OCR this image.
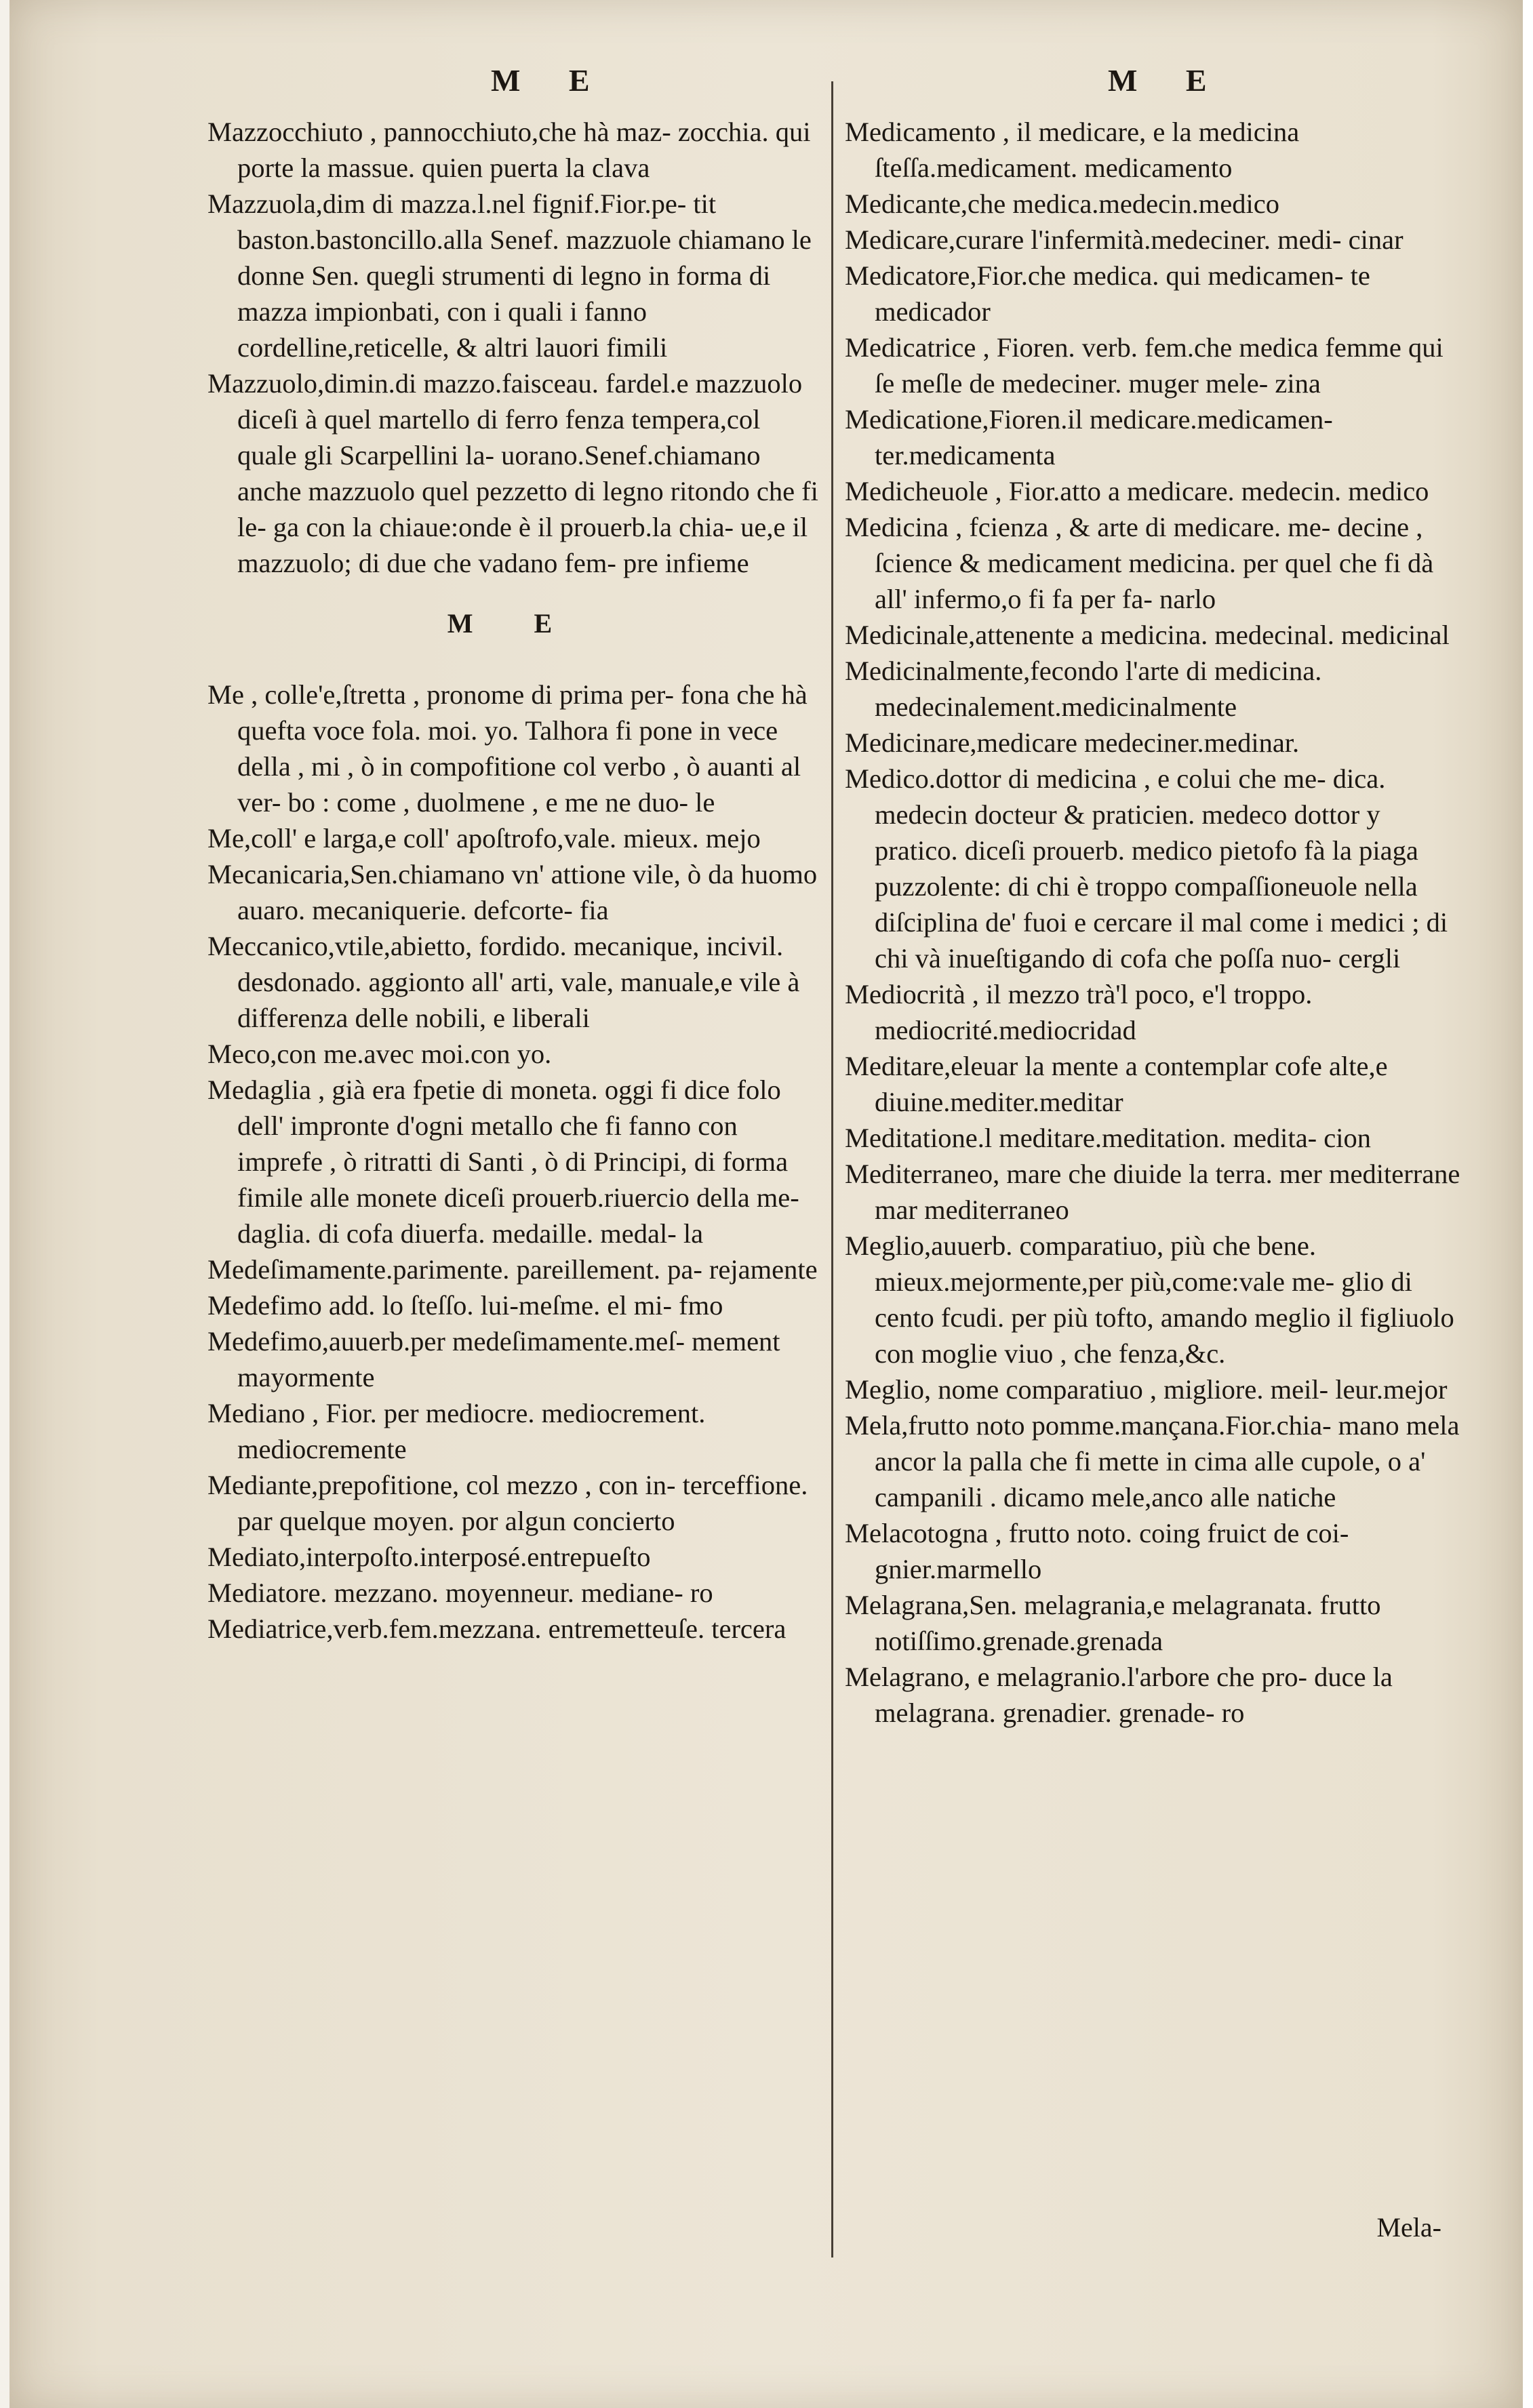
M E	M E

Mazzocchiuto , pannocchiuto,che hà maz- zocchia. qui porte la massue. quien puerta la clava

Mazzuola,dim di mazza.l.nel fignif.Fior.pe- tit baston.bastoncillo.alla Senef. mazzuole chiamano le donne Sen. quegli strumenti di legno in forma di mazza impionbati, con i quali i fanno cordelline,reticelle, & altri lauori fimili

Mazzuolo,dimin.di mazzo.faisceau. fardel.e mazzuolo diceſi à quel martello di ferro fenza tempera,col quale gli Scarpellini la- uorano.Senef.chiamano anche mazzuolo quel pezzetto di legno ritondo che fi le- ga con la chiaue:onde è il prouerb.la chia- ue,e il mazzuolo; di due che vadano fem- pre infieme

M E

Me , colle'e,ſtretta , pronome di prima per- fona che hà quefta voce fola. moi. yo. Talhora fi pone in vece della , mi , ò in compofitione col verbo , ò auanti al ver- bo : come , duolmene , e me ne duo- le

Me,coll' e larga,e coll' apoſtrofo,vale. mieux. mejo

Mecanicaria,Sen.chiamano vn' attione vile, ò da huomo auaro. mecaniquerie. defcorte- fia

Meccanico,vtile,abietto, fordido. mecanique, incivil. desdonado. aggionto all' arti, vale, manuale,e vile à differenza delle nobili, e liberali

Meco,con me.avec moi.con yo.

Medaglia , già era fpetie di moneta. oggi fi dice folo dell' impronte d'ogni metallo che fi fanno con imprefe , ò ritratti di Santi , ò di Principi, di forma fimile alle monete diceſi prouerb.riuercio della me- daglia. di cofa diuerfa. medaille. medal- la

Medeſimamente.parimente. pareillement. pa- rejamente

Medefimo add. lo ſteſſo. lui-meſme. el mi- fmo

Medefimo,auuerb.per medeſimamente.meſ- mement mayormente

Mediano , Fior. per mediocre. mediocrement. mediocremente

Mediante,prepofitione, col mezzo , con in- terceffione. par quelque moyen. por algun concierto

Mediato,interpoſto.interposé.entrepueſto

Mediatore. mezzano. moyenneur. mediane- ro

Mediatrice,verb.fem.mezzana. entremetteuſe. tercera

Medicamento , il medicare, e la medicina ſteſſa.medicament. medicamento

Medicante,che medica.medecin.medico

Medicare,curare l'infermità.medeciner. medi- cinar

Medicatore,Fior.che medica. qui medicamen- te medicador

Medicatrice , Fioren. verb. fem.che medica femme qui ſe meſle de medeciner. muger mele- zina

Medicatione,Fioren.il medicare.medicamen- ter.medicamenta

Medicheuole , Fior.atto a medicare. medecin. medico

Medicina , fcienza , & arte di medicare. me- decine , ſcience & medicament medicina. per quel che fi dà all' infermo,o fi fa per fa- narlo

Medicinale,attenente a medicina. medecinal. medicinal

Medicinalmente,fecondo l'arte di medicina. medecinalement.medicinalmente

Medicinare,medicare medeciner.medinar.

Medico.dottor di medicina , e colui che me- dica. medecin docteur & praticien. medeco dottor y pratico. diceſi prouerb. medico pietofo fà la piaga puzzolente: di chi è troppo compaſſioneuole nella diſciplina de' fuoi e cercare il mal come i medici ; di chi và inueſtigando di cofa che poſſa nuo- cergli

Mediocrità , il mezzo trà'l poco, e'l troppo. mediocrité.mediocridad

Meditare,eleuar la mente a contemplar cofe alte,e diuine.mediter.meditar

Meditatione.l meditare.meditation. medita- cion

Mediterraneo, mare che diuide la terra. mer mediterrane mar mediterraneo

Meglio,auuerb. comparatiuo, più che bene. mieux.mejormente,per più,come:vale me- glio di cento fcudi. per più tofto, amando meglio il figliuolo con moglie viuo , che fenza,&c.

Meglio, nome comparatiuo , migliore. meil- leur.mejor

Mela,frutto noto pomme.mançana.Fior.chia- mano mela ancor la palla che fi mette in cima alle cupole, o a' campanili . dicamo mele,anco alle natiche

Melacotogna , frutto noto. coing fruict de coi- gnier.marmello

Melagrana,Sen. melagrania,e melagranata. frutto notiſſimo.grenade.grenada

Melagrano, e melagranio.l'arbore che pro- duce la melagrana. grenadier. grenade- ro

Mela-
